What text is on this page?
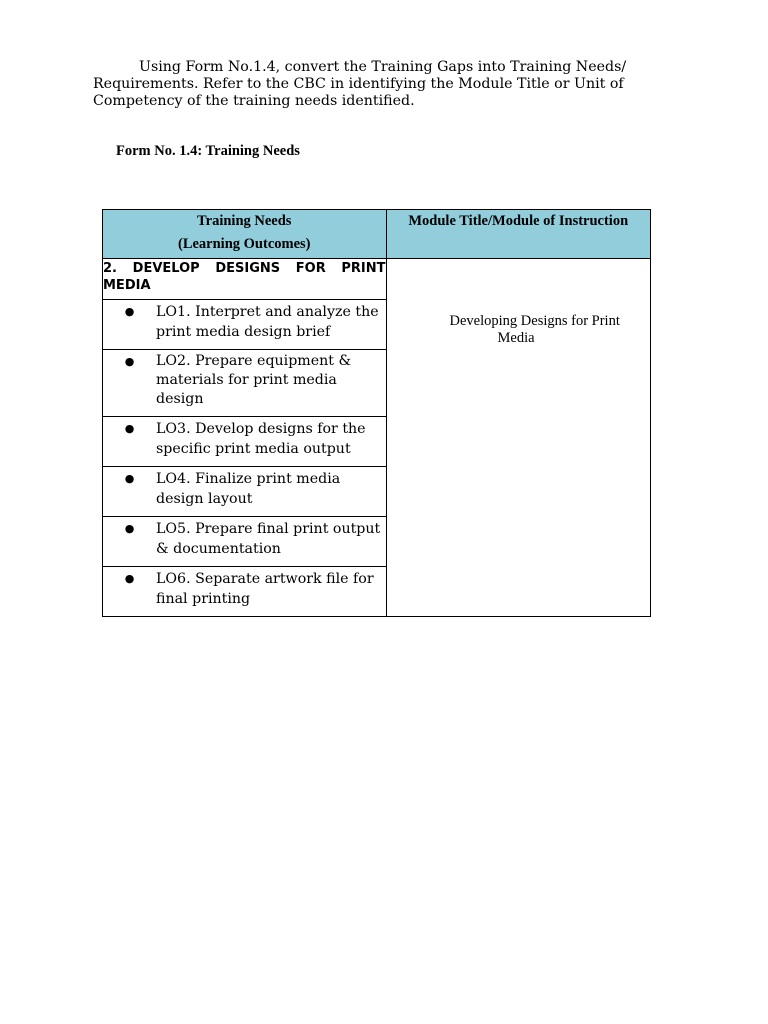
Using Form No.1.4, convert the Training Gaps into Training Needs/ Requirements. Refer to the CBC in identifying the Module Title or Unit of Competency of the training needs identified.

Form No. 1.4: Training Needs

Training Needs
(Learning Outcomes)	Module Title/Module of Instruction

2. DEVELOP DESIGNS FOR PRINT MEDIA	Developing Designs for Print
Media

● LO1. Interpret and analyze the print media design brief	

● LO2. Prepare equipment & materials for print media design	

● LO3. Develop designs for the specific print media output	

● LO4. Finalize print media design layout	

● LO5. Prepare final print output & documentation	

● LO6. Separate artwork file for final printing	
